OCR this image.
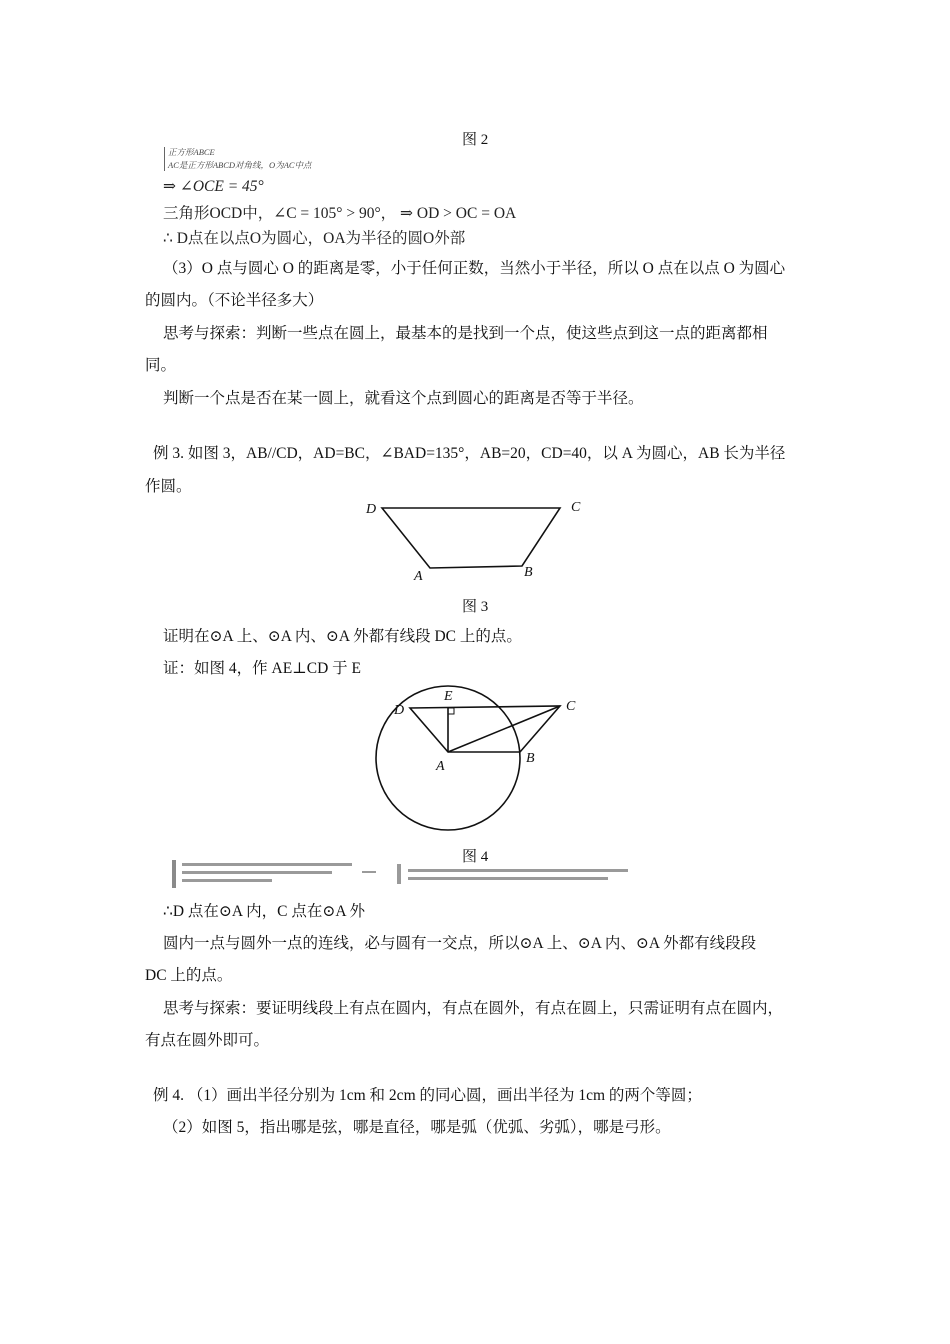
图 2
正方形ABCE
AC是正方形ABCD对角线，O为AC中点
⇒ ∠OCE = 45°
三角形OCD中，∠C = 105° > 90°， ⇒ OD > OC = OA
∴ D点在以点O为圆心，OA为半径的圆O外部
（3）O 点与圆心 O 的距离是零，小于任何正数，当然小于半径，所以 O 点在以点 O 为圆心
的圆内。（不论半径多大）
思考与探索：判断一些点在圆上，最基本的是找到一个点，使这些点到这一点的距离都相
同。
判断一个点是否在某一圆上，就看这个点到圆心的距离是否等于半径。
例 3. 如图 3，AB//CD，AD=BC，∠BAD=135°，AB=20，CD=40，以 A 为圆心，AB 长为半径
作圆。
D	C
A	B
图 3
证明在⊙A 上、⊙A 内、⊙A 外都有线段 DC 上的点。
证：如图 4，作 AE⊥CD 于 E
D
E
C
A
B
图 4
∴D 点在⊙A 内，C 点在⊙A 外
圆内一点与圆外一点的连线，必与圆有一交点，所以⊙A 上、⊙A 内、⊙A 外都有线段段
DC 上的点。
思考与探索：要证明线段上有点在圆内，有点在圆外，有点在圆上，只需证明有点在圆内，
有点在圆外即可。
例 4. （1）画出半径分别为 1cm 和 2cm 的同心圆，画出半径为 1cm 的两个等圆；
（2）如图 5，指出哪是弦，哪是直径，哪是弧（优弧、劣弧），哪是弓形。
